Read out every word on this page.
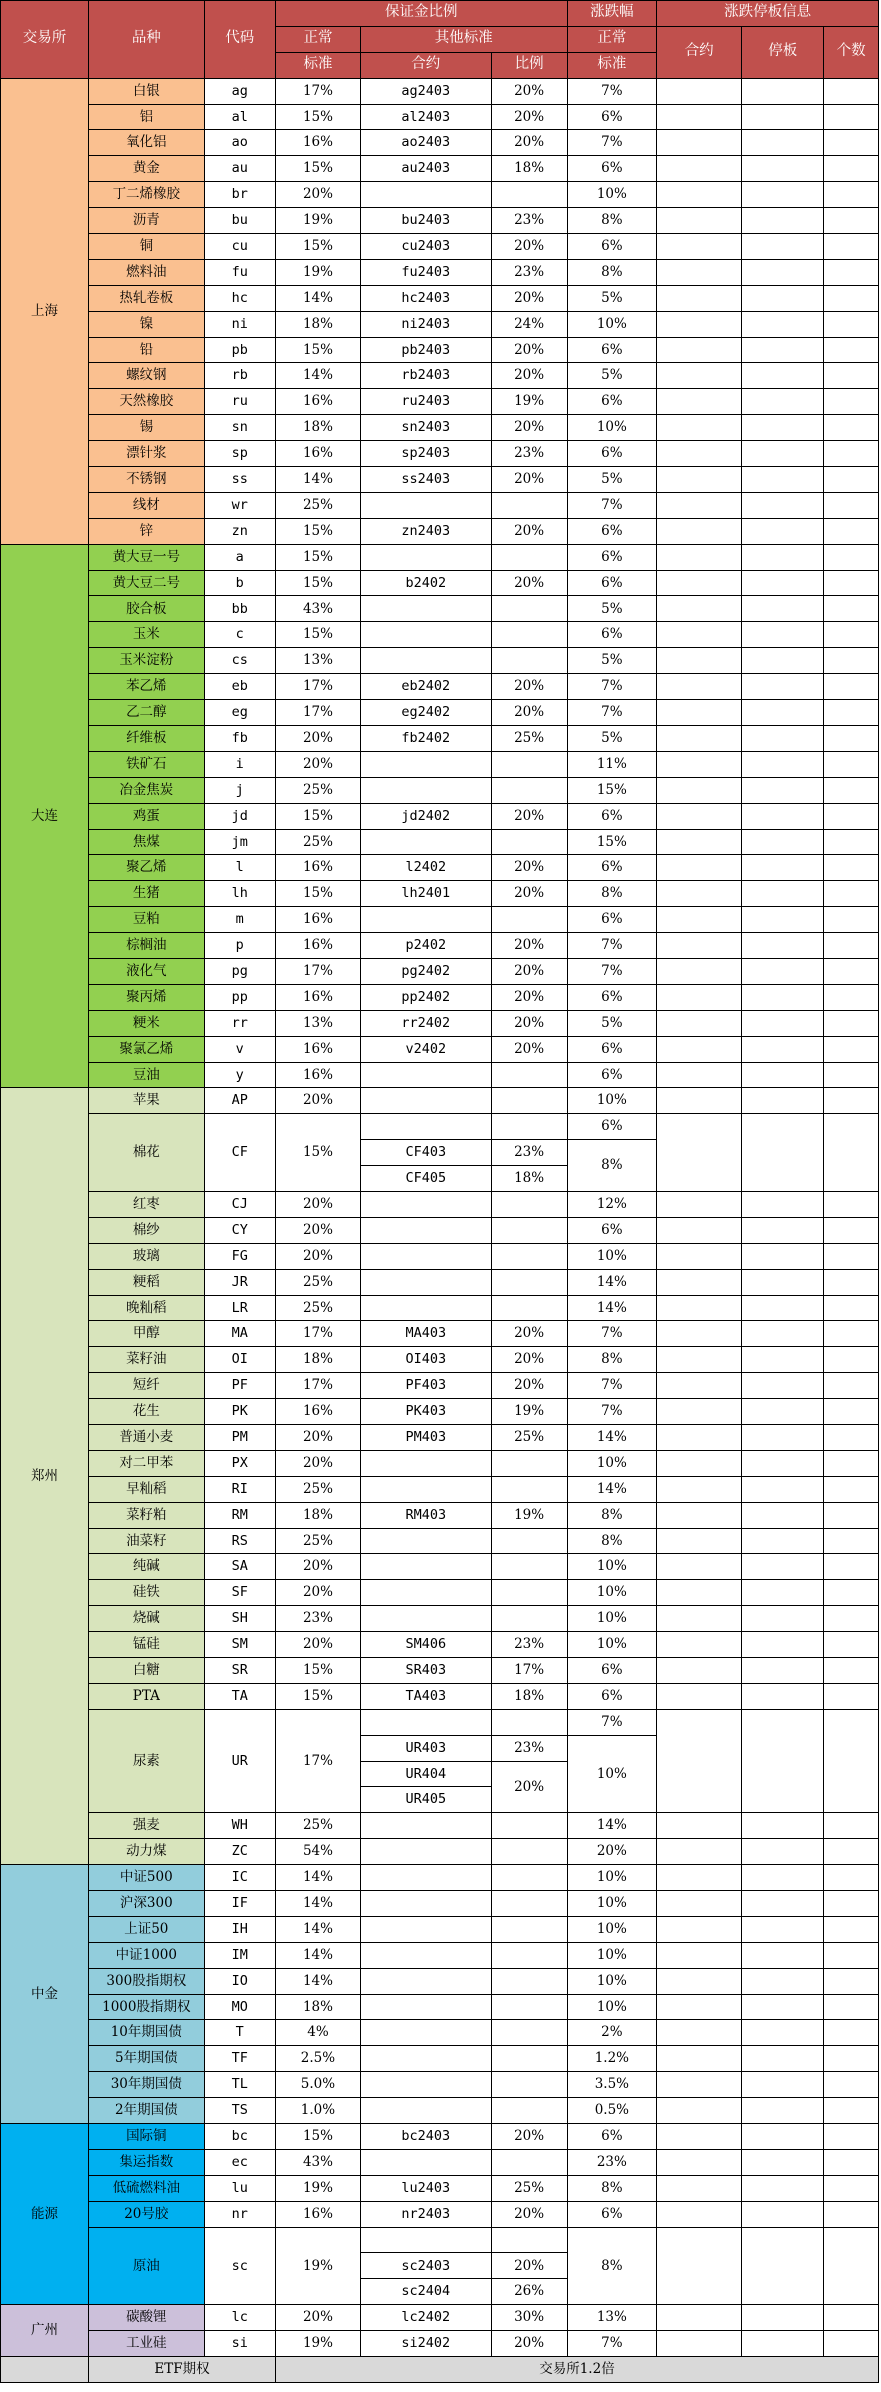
交易所	品种	代码	保证金比例			涨跌幅	涨跌停板信息		
			正常	其他标准		正常	合约	停板	个数
			标准	合约	比例	标准			
上海	白银	ag	17%	ag2403	20%	7%			
	铝	al	15%	al2403	20%	6%			
	氧化铝	ao	16%	ao2403	20%	7%			
	黄金	au	15%	au2403	18%	6%			
	丁二烯橡胶	br	20%			10%			
	沥青	bu	19%	bu2403	23%	8%			
	铜	cu	15%	cu2403	20%	6%			
	燃料油	fu	19%	fu2403	23%	8%			
	热轧卷板	hc	14%	hc2403	20%	5%			
	镍	ni	18%	ni2403	24%	10%			
	铅	pb	15%	pb2403	20%	6%			
	螺纹钢	rb	14%	rb2403	20%	5%			
	天然橡胶	ru	16%	ru2403	19%	6%			
	锡	sn	18%	sn2403	20%	10%			
	漂针浆	sp	16%	sp2403	23%	6%			
	不锈钢	ss	14%	ss2403	20%	5%			
	线材	wr	25%			7%			
	锌	zn	15%	zn2403	20%	6%			
大连	黄大豆一号	a	15%			6%			
	黄大豆二号	b	15%	b2402	20%	6%			
	胶合板	bb	43%			5%			
	玉米	c	15%			6%			
	玉米淀粉	cs	13%			5%			
	苯乙烯	eb	17%	eb2402	20%	7%			
	乙二醇	eg	17%	eg2402	20%	7%			
	纤维板	fb	20%	fb2402	25%	5%			
	铁矿石	i	20%			11%			
	冶金焦炭	j	25%			15%			
	鸡蛋	jd	15%	jd2402	20%	6%			
	焦煤	jm	25%			15%			
	聚乙烯	l	16%	l2402	20%	6%			
	生猪	lh	15%	lh2401	20%	8%			
	豆粕	m	16%			6%			
	棕榈油	p	16%	p2402	20%	7%			
	液化气	pg	17%	pg2402	20%	7%			
	聚丙烯	pp	16%	pp2402	20%	6%			
	粳米	rr	13%	rr2402	20%	5%			
	聚氯乙烯	v	16%	v2402	20%	6%			
	豆油	y	16%			6%			
郑州	苹果	AP	20%			10%			
	棉花	CF	15%			6%			
				CF403	23%	8%			
				CF405	18%				
	红枣	CJ	20%			12%			
	棉纱	CY	20%			6%			
	玻璃	FG	20%			10%			
	粳稻	JR	25%			14%			
	晚籼稻	LR	25%			14%			
	甲醇	MA	17%	MA403	20%	7%			
	菜籽油	OI	18%	OI403	20%	8%			
	短纤	PF	17%	PF403	20%	7%			
	花生	PK	16%	PK403	19%	7%			
	普通小麦	PM	20%	PM403	25%	14%			
	对二甲苯	PX	20%			10%			
	早籼稻	RI	25%			14%			
	菜籽粕	RM	18%	RM403	19%	8%			
	油菜籽	RS	25%			8%			
	纯碱	SA	20%			10%			
	硅铁	SF	20%			10%			
	烧碱	SH	23%			10%			
	锰硅	SM	20%	SM406	23%	10%			
	白糖	SR	15%	SR403	17%	6%			
	PTA	TA	15%	TA403	18%	6%			
	尿素	UR	17%			7%			
				UR403	23%	10%			
				UR404	20%				
				UR405					
	强麦	WH	25%			14%			
	动力煤	ZC	54%			20%			
中金	中证500	IC	14%			10%			
	沪深300	IF	14%			10%			
	上证50	IH	14%			10%			
	中证1000	IM	14%			10%			
	300股指期权	IO	14%			10%			
	1000股指期权	MO	18%			10%			
	10年期国债	T	4%			2%			
	5年期国债	TF	2.5%			1.2%			
	30年期国债	TL	5.0%			3.5%			
	2年期国债	TS	1.0%			0.5%			
能源	国际铜	bc	15%	bc2403	20%	6%			
	集运指数	ec	43%			23%			
	低硫燃料油	lu	19%	lu2403	25%	8%			
	20号胶	nr	16%	nr2403	20%	6%			
	原油	sc	19%			8%			
				sc2403	20%				
				sc2404	26%				
广州	碳酸锂	lc	20%	lc2402	30%	13%			
	工业硅	si	19%	si2402	20%	7%			
	ETF期权		交易所1.2倍						
